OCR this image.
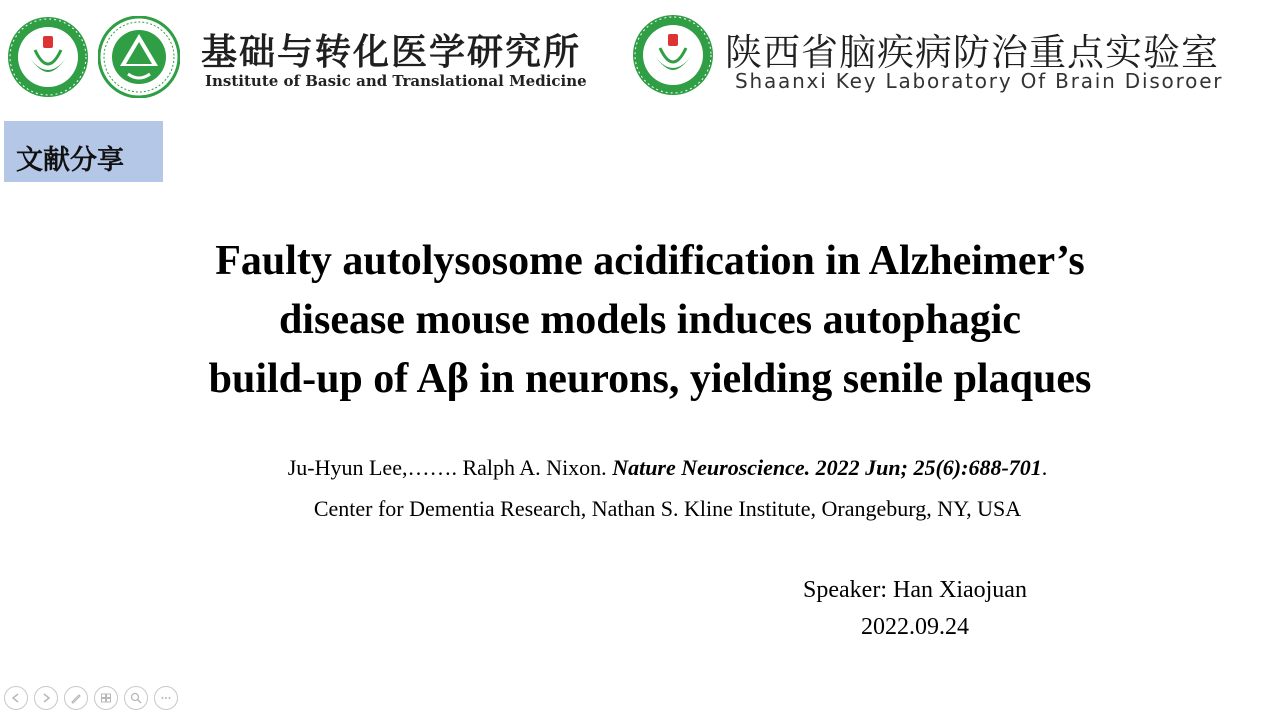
基础与转化医学研究所
Institute of Basic and Translational Medicine
陕西省脑疾病防治重点实验室
Shaanxi Key Laboratory Of Brain Disoroer
文献分享
Faulty autolysosome acidification in Alzheimer’s
disease mouse models induces autophagic
build-up of Aβ in neurons, yielding senile plaques
Ju-Hyun Lee,……. Ralph A. Nixon. Nature Neuroscience. 2022 Jun; 25(6):688-701.
Center for Dementia Research, Nathan S. Kline Institute, Orangeburg, NY, USA
Speaker: Han Xiaojuan
2022.09.24
